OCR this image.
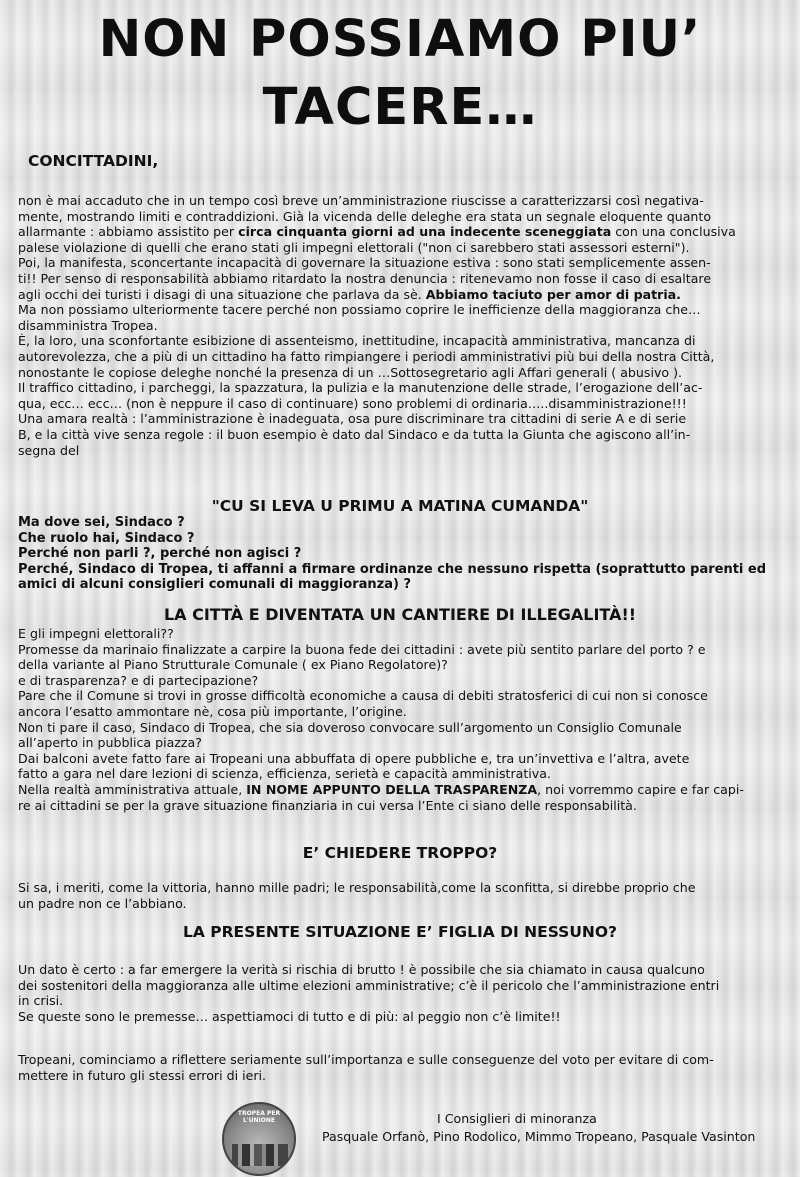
NON POSSIAMO PIU’
TACERE…
CONCITTADINI,

non è mai accaduto che in un tempo così breve un’amministrazione riuscisse a caratterizzarsi così negativa-

mente, mostrando limiti e contraddizioni. Già la vicenda delle deleghe era stata un segnale eloquente quanto

allarmante : abbiamo assistito per circa cinquanta giorni ad una indecente sceneggiata con una conclusiva

palese violazione di quelli che erano stati gli impegni elettorali ("non ci sarebbero stati assessori esterni").

Poi, la manifesta, sconcertante incapacità di governare la situazione estiva : sono stati semplicemente assen-

ti!! Per senso di responsabilità abbiamo ritardato la nostra denuncia : ritenevamo non fosse il caso di esaltare

agli occhi dei turisti i disagi di una situazione che parlava da sè. Abbiamo taciuto per amor di patria.

Ma non possiamo ulteriormente tacere perché non possiamo coprire le inefficienze della maggioranza che…

disamministra Tropea.

È, la loro, una sconfortante esibizione di assenteismo, inettitudine, incapacità amministrativa, mancanza di

autorevolezza, che a più di un cittadino ha fatto rimpiangere i periodi amministrativi più bui della nostra Città,

nonostante le copiose deleghe nonché la presenza di un …Sottosegretario agli Affari generali ( abusivo ).

Il traffico cittadino, i parcheggi, la spazzatura, la pulizia e la manutenzione delle strade, l’erogazione dell’ac-

qua, ecc… ecc… (non è neppure il caso di continuare) sono problemi di ordinaria…..disamministrazione!!!

Una amara realtà : l’amministrazione è inadeguata, osa pure discriminare tra cittadini di serie A e di serie

B, e la città vive senza regole : il buon esempio è dato dal Sindaco e da tutta la Giunta che agiscono all’in-

segna del

"CU SI LEVA U PRIMU A MATINA CUMANDA"

Ma dove sei, Sindaco ?

Che ruolo hai, Sindaco ?

Perché non parli ?, perché non agisci ?

Perché, Sindaco di Tropea, ti affanni a firmare ordinanze che nessuno rispetta (soprattutto parenti ed

amici di alcuni consiglieri comunali di maggioranza) ?

LA CITTÀ E DIVENTATA UN CANTIERE DI ILLEGALITÀ!!

E gli impegni elettorali??

Promesse da marinaio finalizzate a carpire la buona fede dei cittadini : avete più sentito parlare del porto ? e

della variante al Piano Strutturale Comunale ( ex Piano Regolatore)?

e di trasparenza? e di partecipazione?

Pare che il Comune si trovi in grosse difficoltà economiche a causa di debiti stratosferici di cui non si conosce

ancora l’esatto ammontare nè, cosa più importante, l’origine.

Non ti pare il caso, Sindaco di Tropea, che sia doveroso convocare sull’argomento un Consiglio Comunale

all’aperto in pubblica piazza?

Dai balconi avete fatto fare ai Tropeani una abbuffata di opere pubbliche e, tra un’invettiva e l’altra, avete

fatto a gara nel dare lezioni di scienza, efficienza, serietà e capacità amministrativa.

Nella realtà amministrativa attuale, IN NOME APPUNTO DELLA TRASPARENZA, noi vorremmo capire e far capi-

re ai cittadini se per la grave situazione finanziaria in cui versa l’Ente ci siano delle responsabilità.

E’ CHIEDERE TROPPO?

Si sa, i meriti, come la vittoria, hanno mille padri; le responsabilità,come la sconfitta, si direbbe proprio che

un padre non ce l’abbiano.

LA PRESENTE SITUAZIONE E’ FIGLIA DI NESSUNO?

Un dato è certo : a far emergere la verità si rischia di brutto ! è possibile che sia chiamato in causa qualcuno

dei sostenitori della maggioranza alle ultime elezioni amministrative; c’è il pericolo che l’amministrazione entri

in crisi.

Se queste sono le premesse… aspettiamoci di tutto e di più: al peggio non c’è limite!!

Tropeani, cominciamo a riflettere seriamente sull’importanza e sulle conseguenze del voto per evitare di com-

mettere in futuro gli stessi errori di ieri.

TROPEA PER L'UNIONE	I Consiglieri di minoranza
Pasquale Orfanò, Pino Rodolico, Mimmo Tropeano, Pasquale Vasinton
